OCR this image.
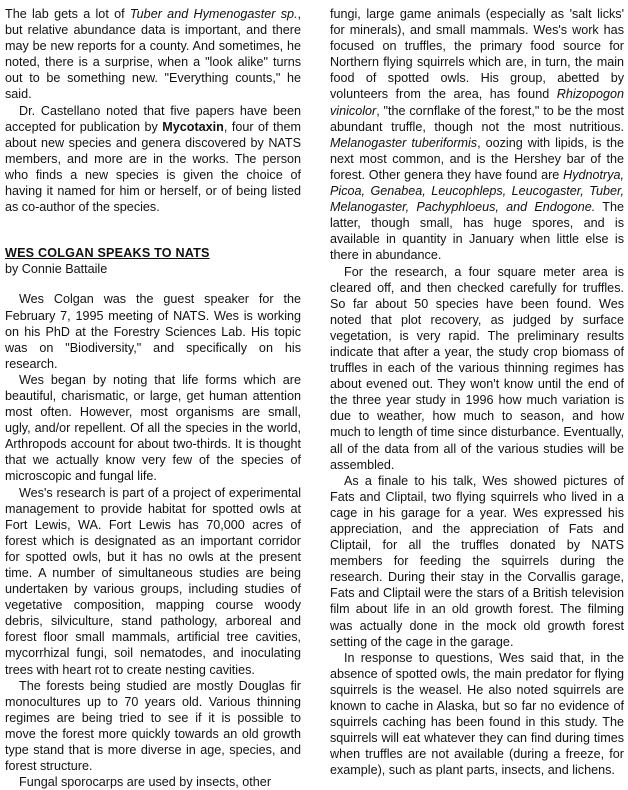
The lab gets a lot of Tuber and Hymenogaster sp., but relative abundance data is important, and there may be new reports for a county. And sometimes, he noted, there is a surprise, when a "look alike" turns out to be something new. "Everything counts," he said.

Dr. Castellano noted that five papers have been accepted for publication by Mycotaxin, four of them about new species and genera discovered by NATS members, and more are in the works. The person who finds a new species is given the choice of having it named for him or herself, or of being listed as co-author of the species.

WES COLGAN SPEAKS TO NATS

by Connie Battaile

Wes Colgan was the guest speaker for the February 7, 1995 meeting of NATS. Wes is working on his PhD at the Forestry Sciences Lab. His topic was on "Biodiversity," and specifically on his research.

Wes began by noting that life forms which are beautiful, charismatic, or large, get human attention most often. However, most organisms are small, ugly, and/or repellent. Of all the species in the world, Arthropods account for about two-thirds. It is thought that we actually know very few of the species of microscopic and fungal life.

Wes's research is part of a project of experimental management to provide habitat for spotted owls at Fort Lewis, WA. Fort Lewis has 70,000 acres of forest which is designated as an important corridor for spotted owls, but it has no owls at the present time. A number of simultaneous studies are being undertaken by various groups, including studies of vegetative composition, mapping course woody debris, silviculture, stand pathology, arboreal and forest floor small mammals, artificial tree cavities, mycorrhizal fungi, soil nematodes, and inoculating trees with heart rot to create nesting cavities.

The forests being studied are mostly Douglas fir monocultures up to 70 years old. Various thinning regimes are being tried to see if it is possible to move the forest more quickly towards an old growth type stand that is more diverse in age, species, and forest structure.

Fungal sporocarps are used by insects, other

fungi, large game animals (especially as 'salt licks' for minerals), and small mammals. Wes's work has focused on truffles, the primary food source for Northern flying squirrels which are, in turn, the main food of spotted owls. His group, abetted by volunteers from the area, has found Rhizopogon vinicolor, "the cornflake of the forest," to be the most abundant truffle, though not the most nutritious. Melanogaster tuberiformis, oozing with lipids, is the next most common, and is the Hershey bar of the forest. Other genera they have found are Hydnotrya, Picoa, Genabea, Leucophleps, Leucogaster, Tuber, Melanogaster, Pachyphloeus, and Endogone. The latter, though small, has huge spores, and is available in quantity in January when little else is there in abundance.

For the research, a four square meter area is cleared off, and then checked carefully for truffles. So far about 50 species have been found. Wes noted that plot recovery, as judged by surface vegetation, is very rapid. The preliminary results indicate that after a year, the study crop biomass of truffles in each of the various thinning regimes has about evened out. They won't know until the end of the three year study in 1996 how much variation is due to weather, how much to season, and how much to length of time since disturbance. Eventually, all of the data from all of the various studies will be assembled.

As a finale to his talk, Wes showed pictures of Fats and Cliptail, two flying squirrels who lived in a cage in his garage for a year. Wes expressed his appreciation, and the appreciation of Fats and Cliptail, for all the truffles donated by NATS members for feeding the squirrels during the research. During their stay in the Corvallis garage, Fats and Cliptail were the stars of a British television film about life in an old growth forest. The filming was actually done in the mock old growth forest setting of the cage in the garage.

In response to questions, Wes said that, in the absence of spotted owls, the main predator for flying squirrels is the weasel. He also noted squirrels are known to cache in Alaska, but so far no evidence of squirrels caching has been found in this study. The squirrels will eat whatever they can find during times when truffles are not available (during a freeze, for example), such as plant parts, insects, and lichens.
